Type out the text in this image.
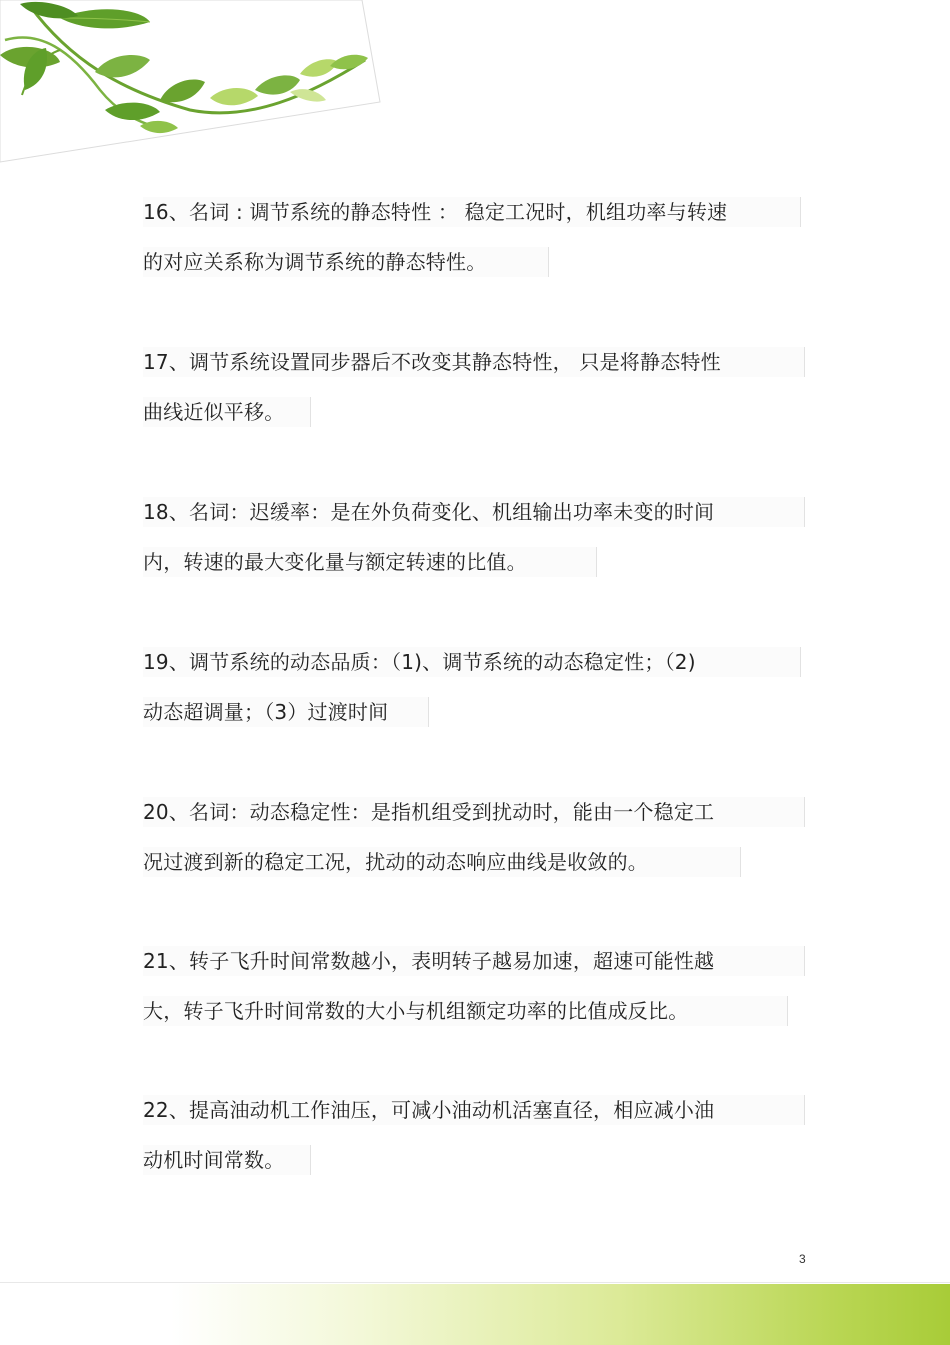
16、名词 : 调节系统的静态特性 ： 稳定工况时，机组功率与转速
的对应关系称为调节系统的静态特性。
17、调节系统设置同步器后不改变其静态特性， 只是将静态特性
曲线近似平移。
18、名词：迟缓率：是在外负荷变化、机组输出功率未变的时间
内，转速的最大变化量与额定转速的比值。
19、调节系统的动态品质：（1)、调节系统的动态稳定性；（2)
动态超调量；（3）过渡时间
20、名词：动态稳定性：是指机组受到扰动时，能由一个稳定工
况过渡到新的稳定工况，扰动的动态响应曲线是收敛的。
21、转子飞升时间常数越小，表明转子越易加速，超速可能性越
大，转子飞升时间常数的大小与机组额定功率的比值成反比。
22、提高油动机工作油压，可减小油动机活塞直径，相应减小油
动机时间常数。
3
